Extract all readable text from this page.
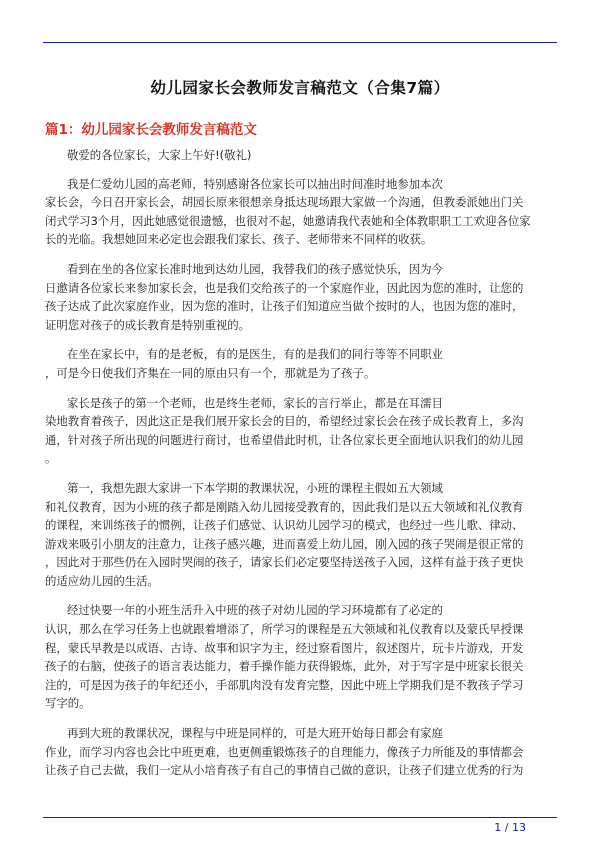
幼儿园家长会教师发言稿范文（合集7篇）
篇1：幼儿园家长会教师发言稿范文

敬爱的各位家长，大家上午好!(敬礼)

我是仁爱幼儿园的高老师，特别感谢各位家长可以抽出时间准时地参加本次
家长会，今日召开家长会，胡园长原来很想亲身抵达现场跟大家做一个沟通，但教委派她出门关
闭式学习3个月，因此她感觉很遗憾，也很对不起，她邀请我代表她和全体教职职工工欢迎各位家
长的光临。我想她回来必定也会跟我们家长、孩子、老师带来不同样的收获。

看到在坐的各位家长准时地到达幼儿园，我替我们的孩子感觉快乐，因为今
日邀请各位家长来参加家长会，也是我们交给孩子的一个家庭作业，因此因为您的准时，让您的
孩子达成了此次家庭作业，因为您的准时，让孩子们知道应当做个按时的人，也因为您的准时，
证明您对孩子的成长教育是特别重视的。

在坐在家长中，有的是老板，有的是医生，有的是我们的同行等等不同职业
，可是今日使我们齐集在一同的原由只有一个，那就是为了孩子。

家长是孩子的第一个老师，也是终生老师，家长的言行举止，都是在耳濡目
染地教育着孩子，因此这正是我们展开家长会的目的，希望经过家长会在孩子成长教育上，多沟
通，针对孩子所出现的问题进行商讨，也希望借此时机，让各位家长更全面地认识我们的幼儿园
。

第一，我想先跟大家讲一下本学期的教课状况，小班的课程主假如五大领域
和礼仪教育，因为小班的孩子都是刚踏入幼儿园接受教育的，因此我们是以五大领域和礼仪教育
的课程，来训练孩子的惯例，让孩子们感觉、认识幼儿园学习的模式，也经过一些儿歌、律动、
游戏来吸引小朋友的注意力，让孩子感兴趣，进而喜爱上幼儿园，刚入园的孩子哭闹是很正常的
，因此对于那些仍在入园时哭闹的孩子，请家长们必定要坚持送孩子入园，这样有益于孩子更快
的适应幼儿园的生活。

经过快要一年的小班生活升入中班的孩子对幼儿园的学习环境都有了必定的
认识，那么在学习任务上也就跟着增添了，所学习的课程是五大领域和礼仪教育以及蒙氏早授课
程，蒙氏早教是以成语、古诗、故事和识字为主，经过察看图片，叙述图片，玩卡片游戏，开发
孩子的右脑，使孩子的语言表达能力，着手操作能力获得锻炼，此外，对于写字是中班家长很关
注的，可是因为孩子的年纪还小，手部肌肉没有发育完整，因此中班上学期我们是不教孩子学习
写字的。

再到大班的教课状况，课程与中班是同样的，可是大班开始每日都会有家庭
作业，而学习内容也会比中班更难，也更侧重锻炼孩子的自理能力，像孩子力所能及的事情都会
让孩子自己去做，我们一定从小培育孩子有自己的事情自己做的意识，让孩子们建立优秀的行为

1 / 13
